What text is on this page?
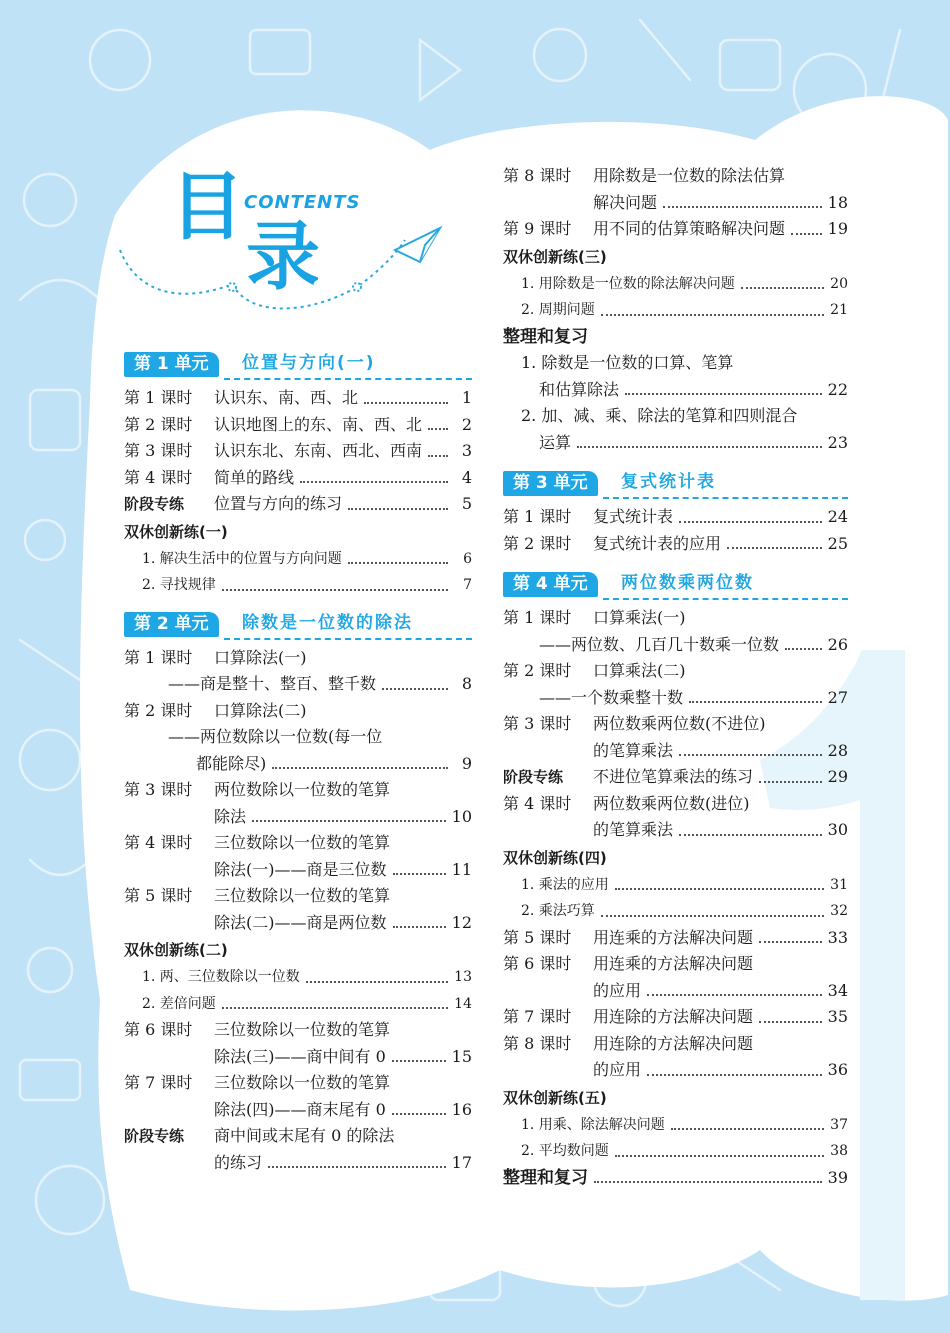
目 CONTENTS
录
第 1 单元	位置与方向(一)
第 1 课时	认识东、南、西、北	1
第 2 课时	认识地图上的东、南、西、北	2
第 3 课时	认识东北、东南、西北、西南	3
第 4 课时	简单的路线	4
阶段专练	位置与方向的练习	5
双休创新练(一)
1. 解决生活中的位置与方向问题	6
2. 寻找规律	7
第 2 单元	除数是一位数的除法
第 1 课时	口算除法(一)
——商是整十、整百、整千数	8
第 2 课时	口算除法(二)
——两位数除以一位数(每一位
都能除尽)	9
第 3 课时	两位数除以一位数的笔算
除法	10
第 4 课时	三位数除以一位数的笔算
除法(一)——商是三位数	11
第 5 课时	三位数除以一位数的笔算
除法(二)——商是两位数	12
双休创新练(二)
1. 两、三位数除以一位数	13
2. 差倍问题	14
第 6 课时	三位数除以一位数的笔算
除法(三)——商中间有 0	15
第 7 课时	三位数除以一位数的笔算
除法(四)——商末尾有 0	16
阶段专练	商中间或末尾有 0 的除法
的练习	17
第 8 课时	用除数是一位数的除法估算
解决问题	18
第 9 课时	用不同的估算策略解决问题	19
双休创新练(三)
1. 用除数是一位数的除法解决问题	20
2. 周期问题	21
整理和复习
1. 除数是一位数的口算、笔算
和估算除法	22
2. 加、减、乘、除法的笔算和四则混合
运算	23
第 3 单元	复式统计表
第 1 课时	复式统计表	24
第 2 课时	复式统计表的应用	25
第 4 单元	两位数乘两位数
第 1 课时	口算乘法(一)
——两位数、几百几十数乘一位数	26
第 2 课时	口算乘法(二)
——一个数乘整十数	27
第 3 课时	两位数乘两位数(不进位)
的笔算乘法	28
阶段专练	不进位笔算乘法的练习	29
第 4 课时	两位数乘两位数(进位)
的笔算乘法	30
双休创新练(四)
1. 乘法的应用	31
2. 乘法巧算	32
第 5 课时	用连乘的方法解决问题	33
第 6 课时	用连乘的方法解决问题
的应用	34
第 7 课时	用连除的方法解决问题	35
第 8 课时	用连除的方法解决问题
的应用	36
双休创新练(五)
1. 用乘、除法解决问题	37
2. 平均数问题	38
整理和复习	39
